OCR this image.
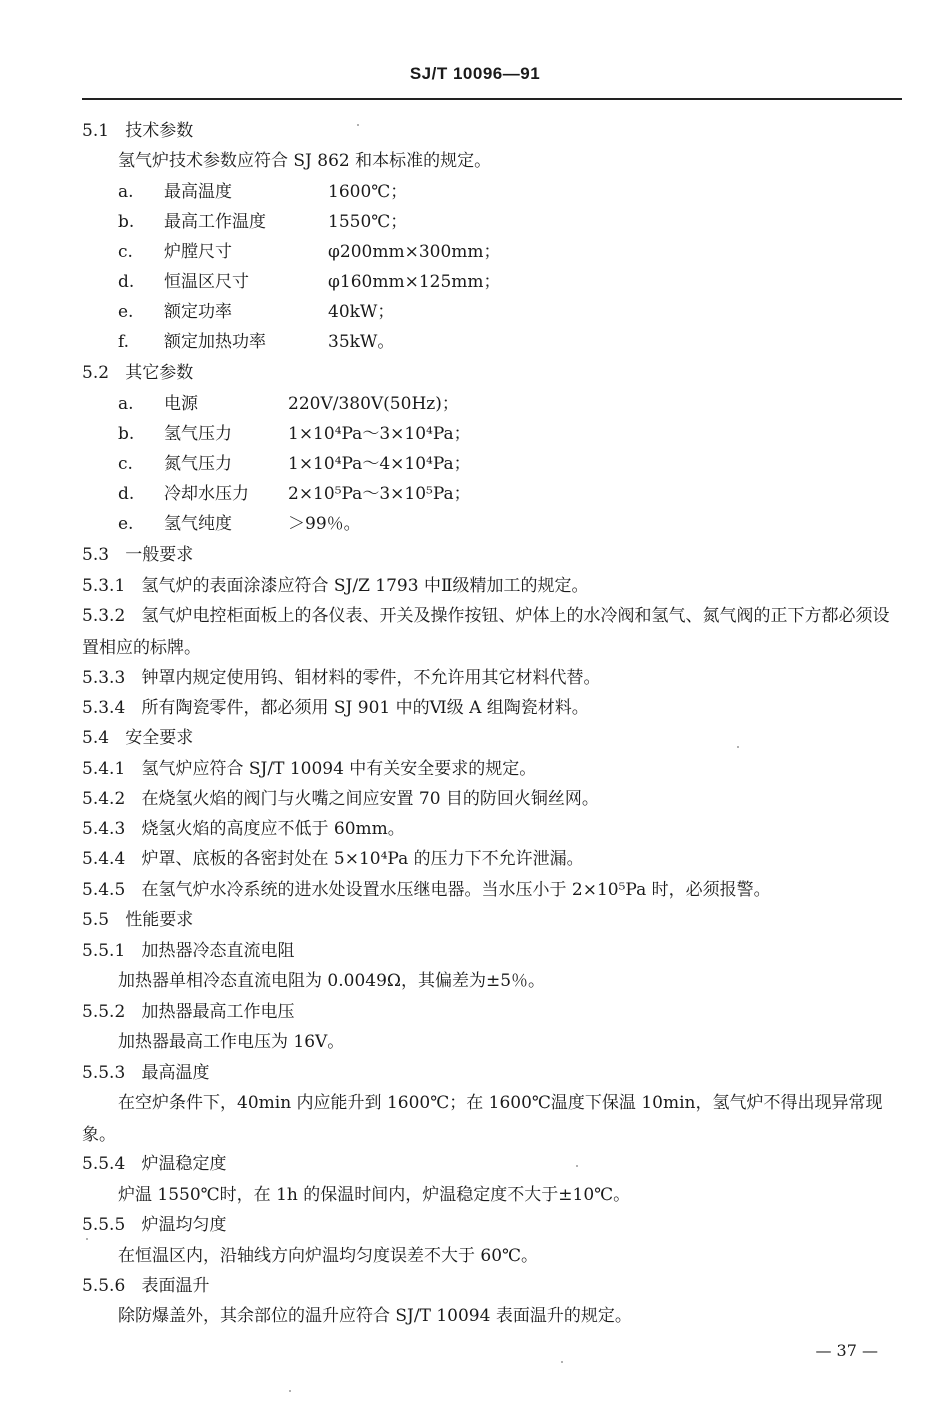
SJ/T 10096—91
5.1 技术参数
氢气炉技术参数应符合 SJ 862 和本标准的规定。
a. 最高温度	1600℃；
b. 最高工作温度	1550℃；
c. 炉膛尺寸	φ200mm×300mm；
d. 恒温区尺寸	φ160mm×125mm；
e. 额定功率	40kW；
f. 额定加热功率	35kW。
5.2 其它参数
a. 电源	220V/380V(50Hz)；
b. 氢气压力	1×10⁴Pa～3×10⁴Pa；
c. 氮气压力	1×10⁴Pa～4×10⁴Pa；
d. 冷却水压力 2×10⁵Pa～3×10⁵Pa；
e. 氢气纯度	＞99％。
5.3 一般要求
5.3.1 氢气炉的表面涂漆应符合 SJ/Z 1793 中Ⅱ级精加工的规定。
5.3.2 氢气炉电控柜面板上的各仪表、开关及操作按钮、炉体上的水冷阀和氢气、氮气阀的正下方都必须设置相应的标牌。
5.3.3 钟罩内规定使用钨、钼材料的零件，不允许用其它材料代替。
5.3.4 所有陶瓷零件，都必须用 SJ 901 中的Ⅵ级 A 组陶瓷材料。
5.4 安全要求
5.4.1 氢气炉应符合 SJ/T 10094 中有关安全要求的规定。
5.4.2 在烧氢火焰的阀门与火嘴之间应安置 70 目的防回火铜丝网。
5.4.3 烧氢火焰的高度应不低于 60mm。
5.4.4 炉罩、底板的各密封处在 5×10⁴Pa 的压力下不允许泄漏。
5.4.5 在氢气炉水冷系统的进水处设置水压继电器。当水压小于 2×10⁵Pa 时，必须报警。
5.5 性能要求
5.5.1 加热器冷态直流电阻
加热器单相冷态直流电阻为 0.0049Ω，其偏差为±5％。
5.5.2 加热器最高工作电压
加热器最高工作电压为 16V。
5.5.3 最高温度
在空炉条件下，40min 内应能升到 1600℃；在 1600℃温度下保温 10min，氢气炉不得出现异常现象。
5.5.4 炉温稳定度
炉温 1550℃时，在 1h 的保温时间内，炉温稳定度不大于±10℃。
5.5.5 炉温均匀度
在恒温区内，沿轴线方向炉温均匀度误差不大于 60℃。
5.5.6 表面温升
除防爆盖外，其余部位的温升应符合 SJ/T 10094 表面温升的规定。
— 37 —
